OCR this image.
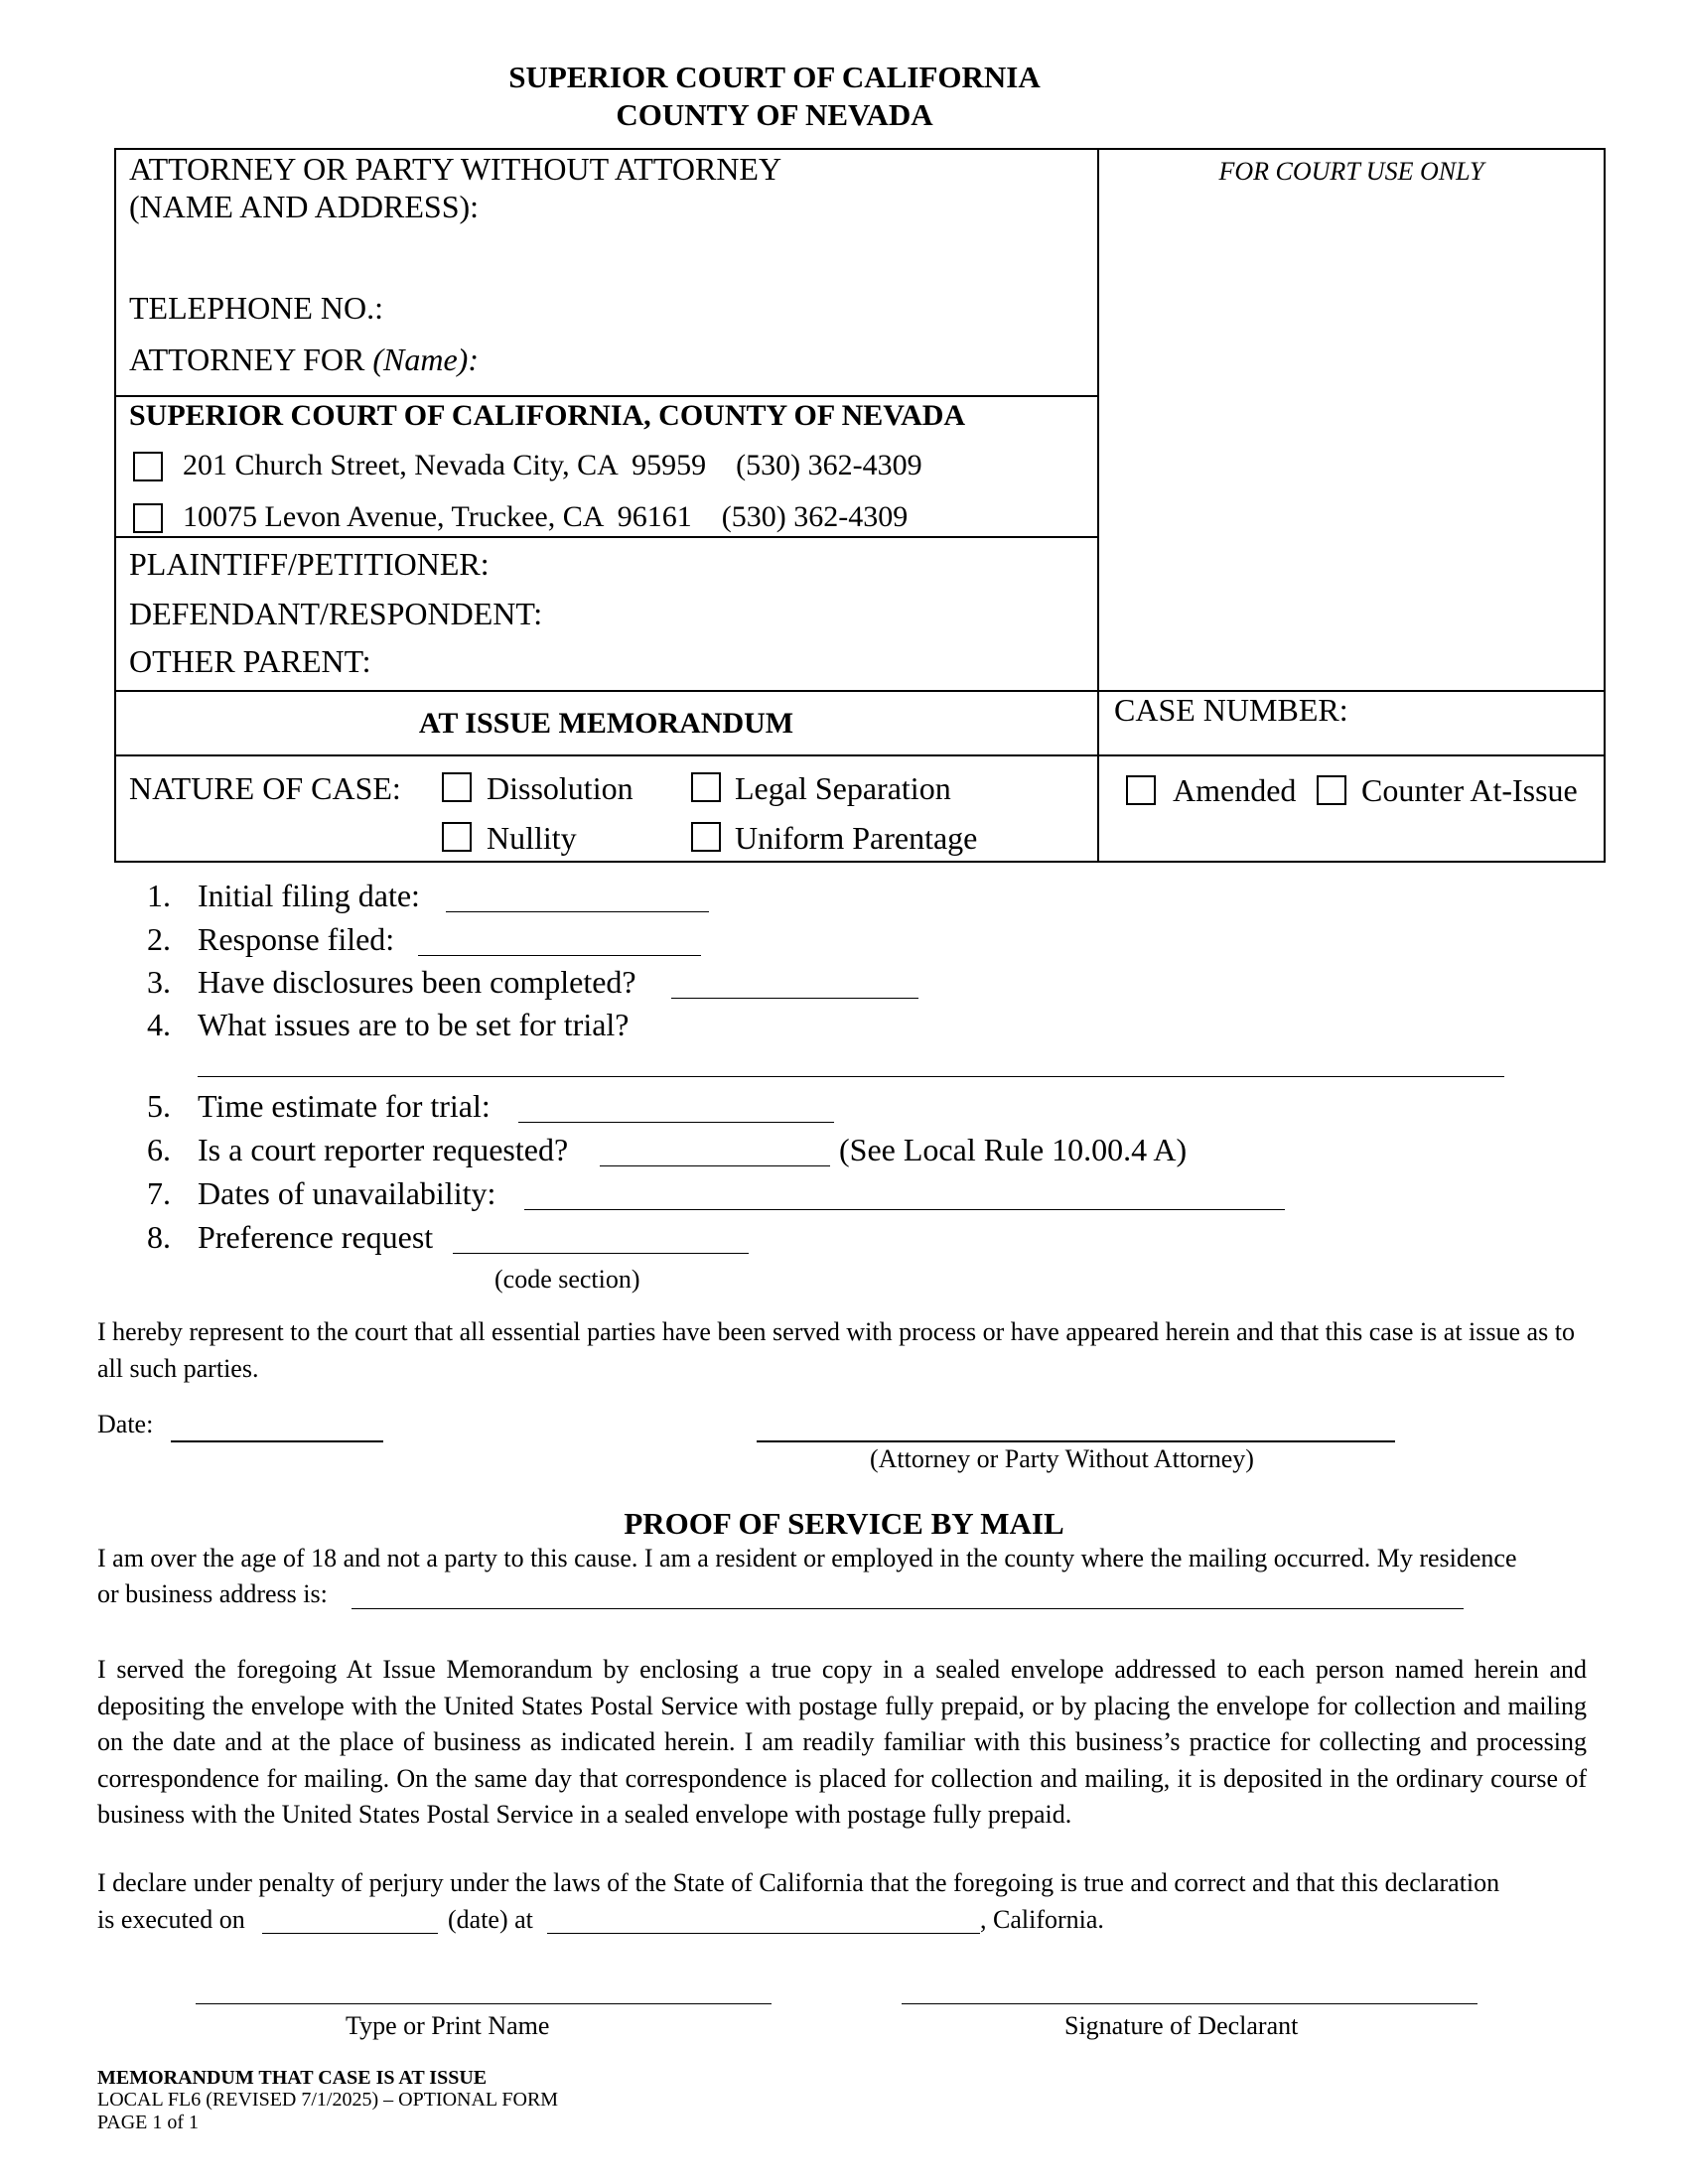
SUPERIOR COURT OF CALIFORNIA
COUNTY OF NEVADA
ATTORNEY OR PARTY WITHOUT ATTORNEY
(NAME AND ADDRESS):
TELEPHONE NO.:
ATTORNEY FOR (Name):
FOR COURT USE ONLY
SUPERIOR COURT OF CALIFORNIA, COUNTY OF NEVADA
201 Church Street, Nevada City, CA  95959    (530) 362-4309
10075 Levon Avenue, Truckee, CA  96161    (530) 362-4309
PLAINTIFF/PETITIONER:
DEFENDANT/RESPONDENT:
OTHER PARENT:
AT ISSUE MEMORANDUM	CASE NUMBER:
NATURE OF CASE:	Dissolution	Legal Separation
Nullity	Uniform Parentage
Amended Counter At-Issue
1. Initial filing date:
2. Response filed:
3. Have disclosures been completed?
4. What issues are to be set for trial?
5. Time estimate for trial:
6. Is a court reporter requested?	(See Local Rule 10.00.4 A)
7. Dates of unavailability:
8. Preference request
(code section)
I hereby represent to the court that all essential parties have been served with process or have appeared herein and that this case is at issue as to all such parties.
Date:
(Attorney or Party Without Attorney)
PROOF OF SERVICE BY MAIL
I am over the age of 18 and not a party to this cause. I am a resident or employed in the county where the mailing occurred. My residence
or business address is:
I served the foregoing At Issue Memorandum by enclosing a true copy in a sealed envelope addressed to each person named herein and depositing the envelope with the United States Postal Service with postage fully prepaid, or by placing the envelope for collection and mailing on the date and at the place of business as indicated herein. I am readily familiar with this business’s practice for collecting and processing correspondence for mailing. On the same day that correspondence is placed for collection and mailing, it is deposited in the ordinary course of business with the United States Postal Service in a sealed envelope with postage fully prepaid.
I declare under penalty of perjury under the laws of the State of California that the foregoing is true and correct and that this declaration
is executed on	(date) at	, California.
Type or Print Name	Signature of Declarant
MEMORANDUM THAT CASE IS AT ISSUE
LOCAL FL6 (REVISED 7/1/2025) – OPTIONAL FORM
PAGE 1 of 1
